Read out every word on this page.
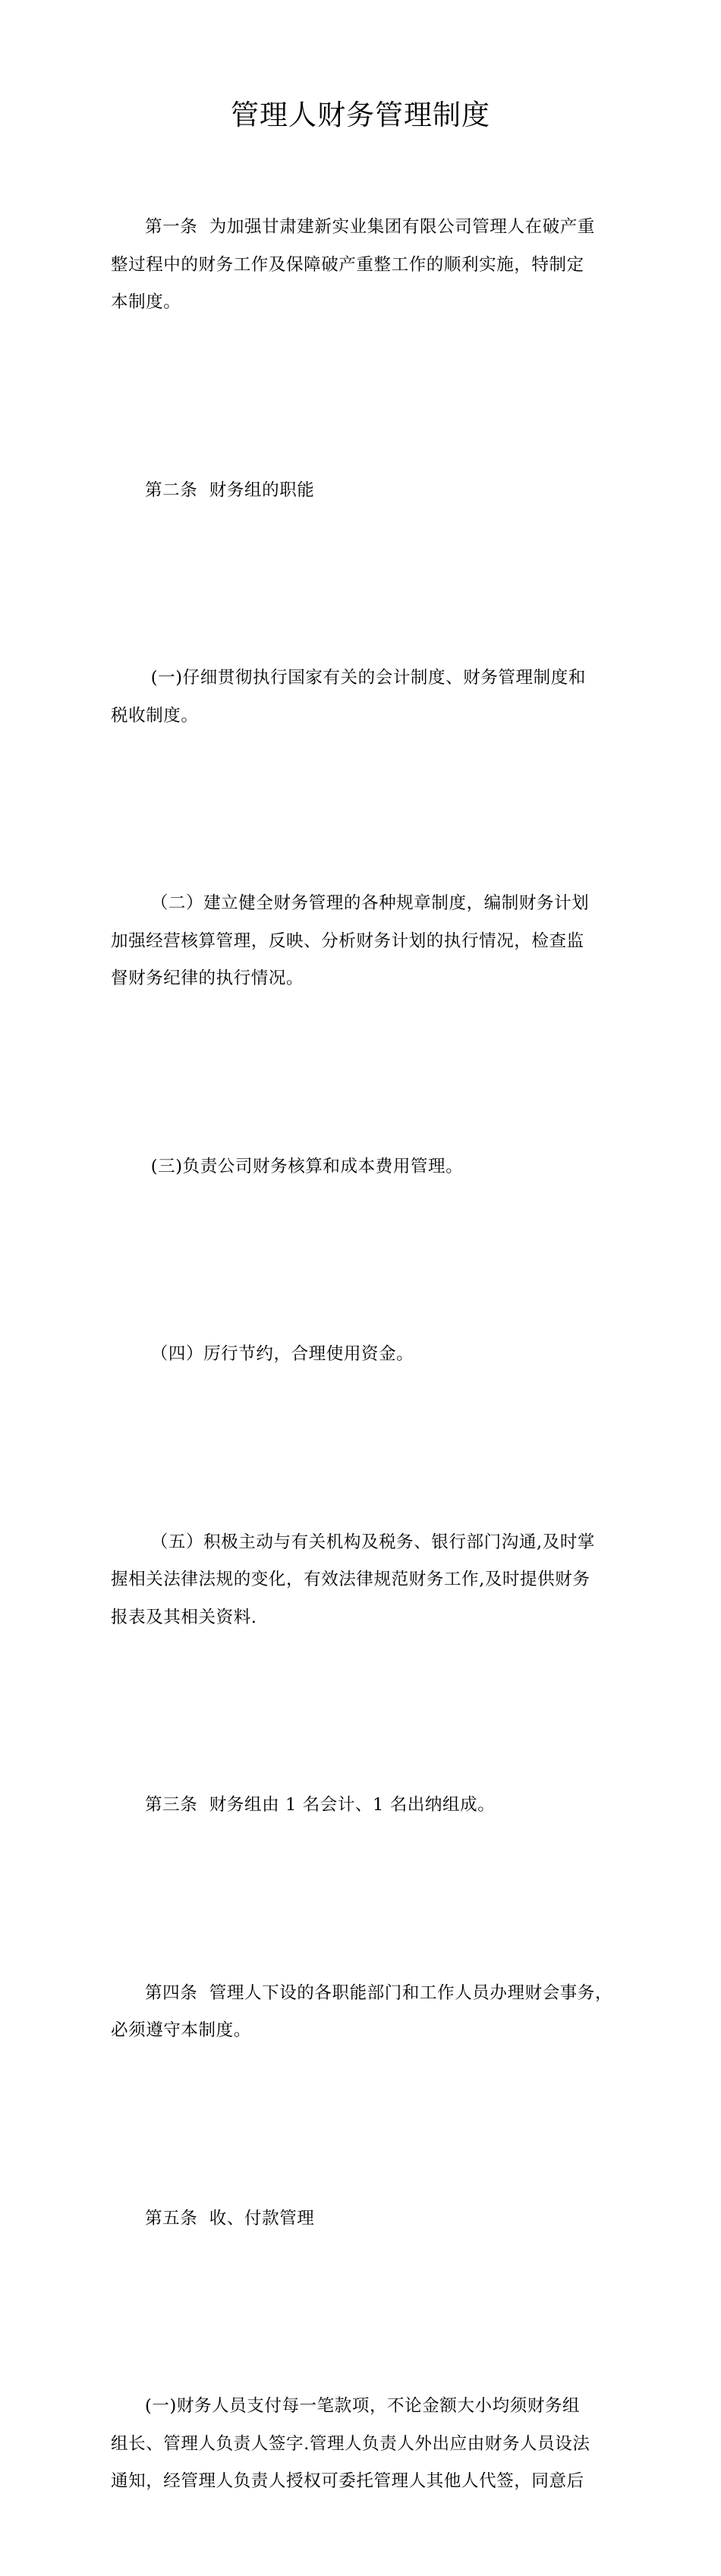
管理人财务管理制度

第一条  为加强甘肃建新实业集团有限公司管理人在破产重
整过程中的财务工作及保障破产重整工作的顺利实施，特制定
本制度。

第二条  财务组的职能

(一)仔细贯彻执行国家有关的会计制度、财务管理制度和
税收制度。

（二）建立健全财务管理的各种规章制度，编制财务计划
加强经营核算管理，反映、分析财务计划的执行情况，检查监
督财务纪律的执行情况。

(三)负责公司财务核算和成本费用管理。

（四）厉行节约，合理使用资金。

（五）积极主动与有关机构及税务、银行部门沟通,及时掌
握相关法律法规的变化，有效法律规范财务工作,及时提供财务
报表及其相关资料.

第三条  财务组由 1 名会计、1 名出纳组成。

第四条  管理人下设的各职能部门和工作人员办理财会事务，
必须遵守本制度。

第五条  收、付款管理

(一)财务人员支付每一笔款项，不论金额大小均须财务组
组长、管理人负责人签字.管理人负责人外出应由财务人员设法
通知，经管理人负责人授权可委托管理人其他人代签，同意后
